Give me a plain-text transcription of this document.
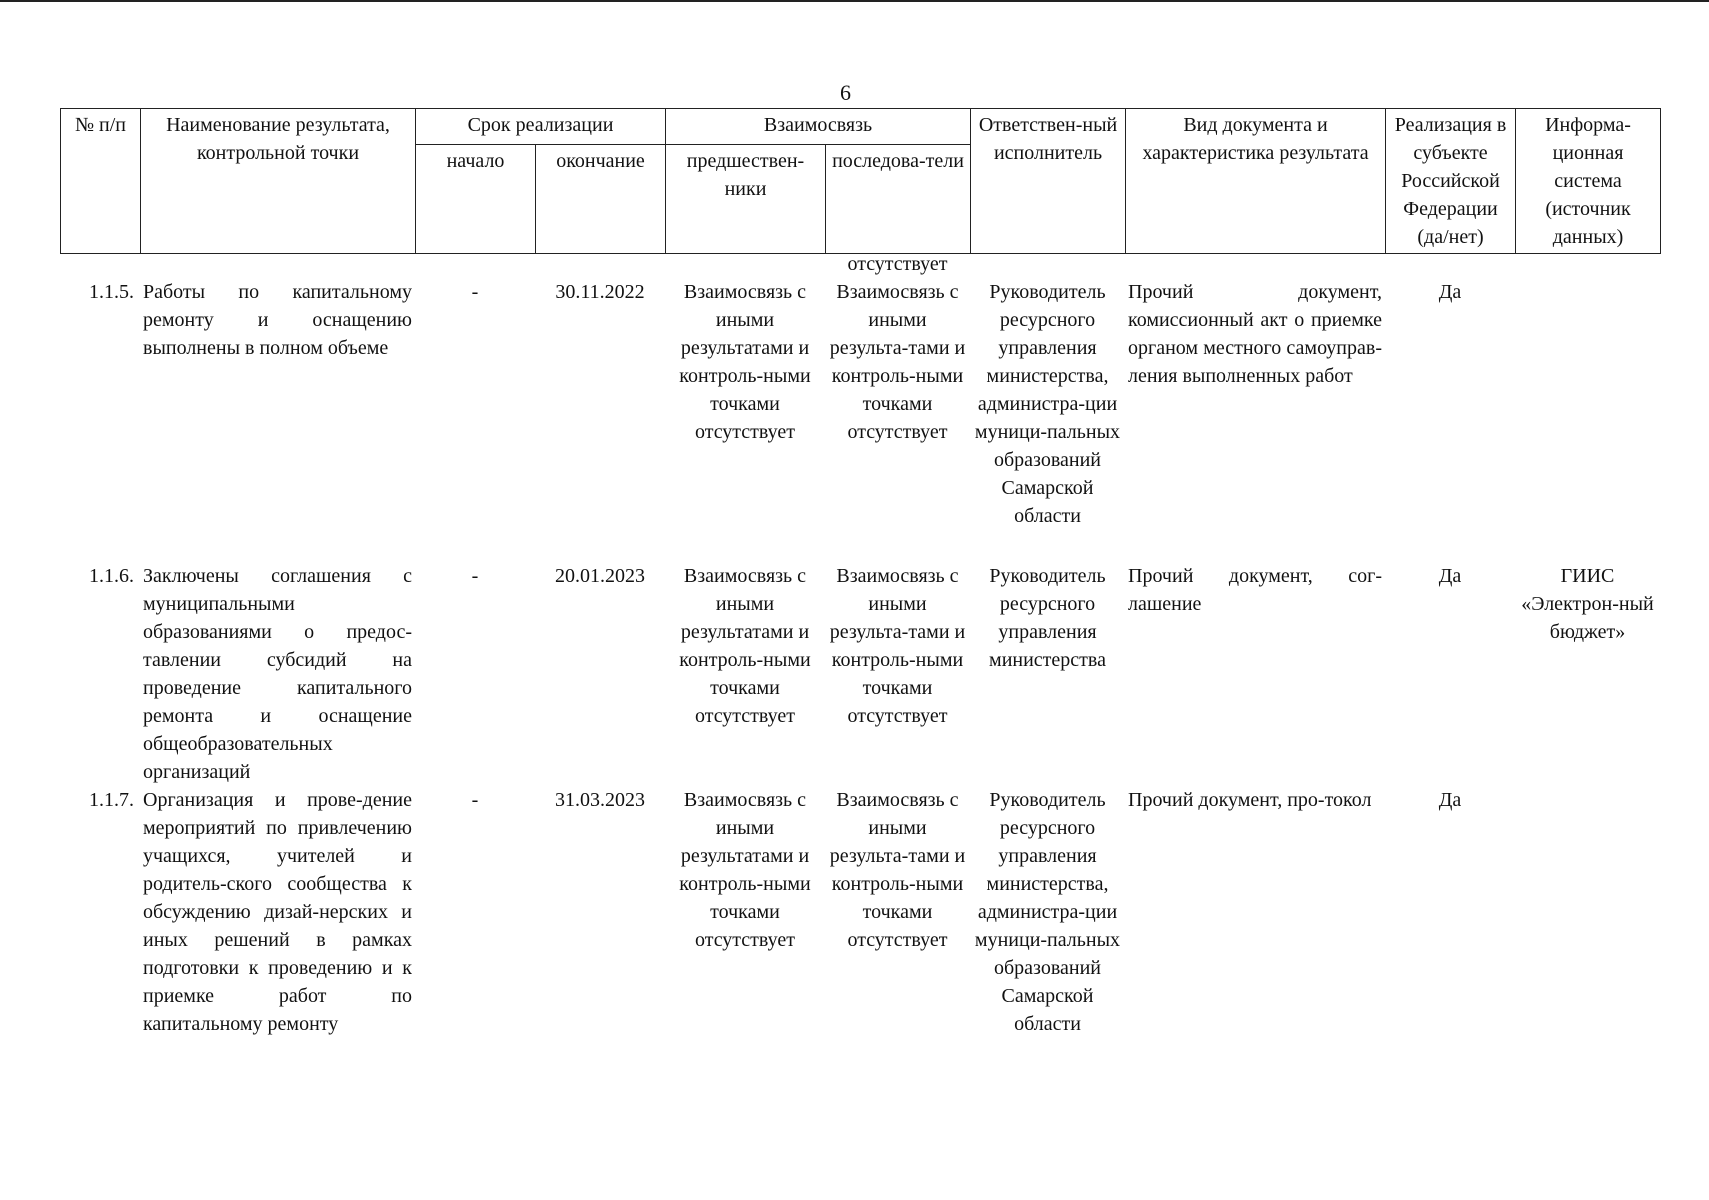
6
№ п/п	Наименование результата, контрольной точки	Срок реализации		Взаимосвязь		Ответствен-ный исполнитель	Вид документа и характеристика результата	Реализация в субъекте Российской Федерации (да/нет)	Информа-ционная система (источник данных)
		начало	окончание	предшествен-ники	последова-тели				
					отсутствует				
1.1.5.	Работы по капитальному ремонту и оснащению выполнены в полном объеме	-	30.11.2022	Взаимосвязь с иными результатами и контроль-ными точками отсутствует	Взаимосвязь с иными результа-тами и контроль-ными точками отсутствует	Руководитель ресурсного управления министерства, администра-ции муници-пальных образований Самарской области	Прочий документ, комиссионный акт о приемке органом местного самоуправ-ления выполненных работ	Да	
1.1.6.	Заключены соглашения с муниципальными образованиями о предос-тавлении субсидий на проведение капитального ремонта и оснащение общеобразовательных организаций	-	20.01.2023	Взаимосвязь с иными результатами и контроль-ными точками отсутствует	Взаимосвязь с иными результа-тами и контроль-ными точками отсутствует	Руководитель ресурсного управления министерства	Прочий документ, сог-лашение	Да	ГИИС «Электрон-ный бюджет»
1.1.7.	Организация и прове-дение мероприятий по привлечению учащихся, учителей и родитель-ского сообщества к обсуждению дизай-нерских и иных решений в рамках подготовки к проведению и к приемке работ по капитальному ремонту	-	31.03.2023	Взаимосвязь с иными результатами и контроль-ными точками отсутствует	Взаимосвязь с иными результа-тами и контроль-ными точками отсутствует	Руководитель ресурсного управления министерства, администра-ции муници-пальных образований Самарской области	Прочий документ, про-токол	Да	
